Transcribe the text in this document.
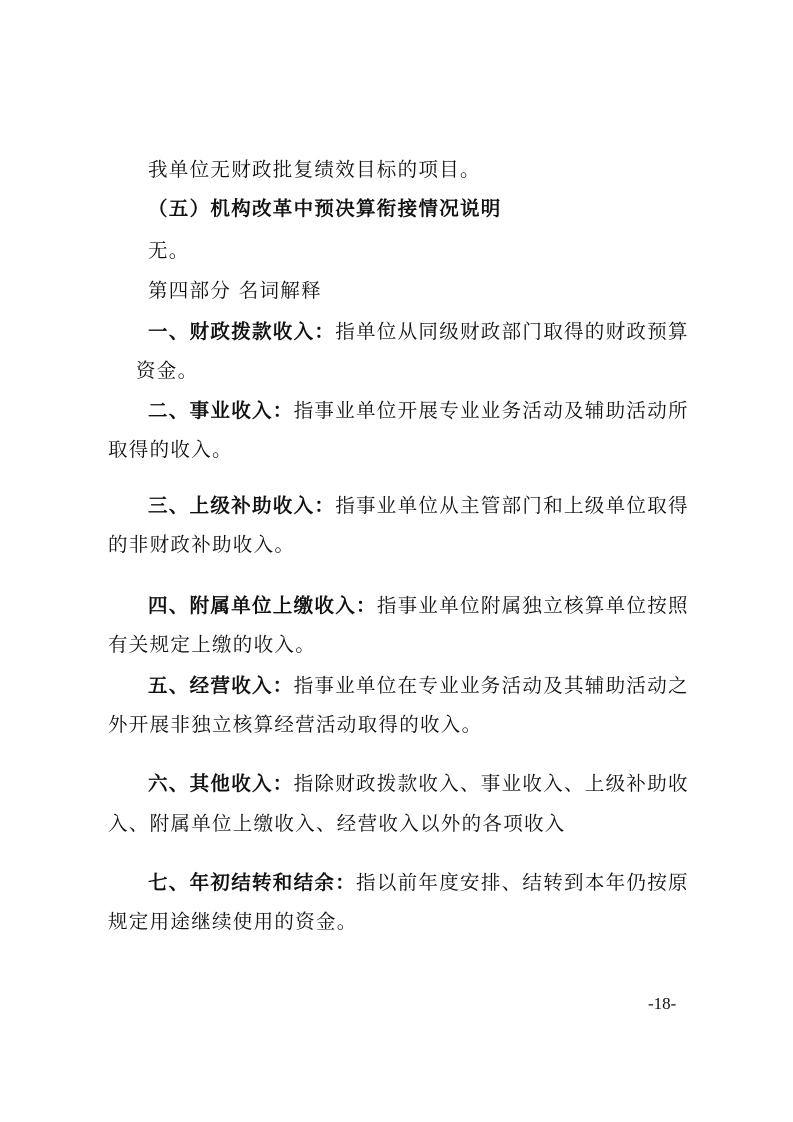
我单位无财政批复绩效目标的项目。
（五）机构改革中预决算衔接情况说明
无。
第四部分 名词解释
一、财政拨款收入：指单位从同级财政部门取得的财政预算
资金。
二、事业收入：指事业单位开展专业业务活动及辅助活动所
取得的收入。
三、上级补助收入：指事业单位从主管部门和上级单位取得
的非财政补助收入。
四、附属单位上缴收入：指事业单位附属独立核算单位按照
有关规定上缴的收入。
五、经营收入：指事业单位在专业业务活动及其辅助活动之
外开展非独立核算经营活动取得的收入。
六、其他收入：指除财政拨款收入、事业收入、上级补助收
入、附属单位上缴收入、经营收入以外的各项收入
七、年初结转和结余：指以前年度安排、结转到本年仍按原
规定用途继续使用的资金。
-18-
